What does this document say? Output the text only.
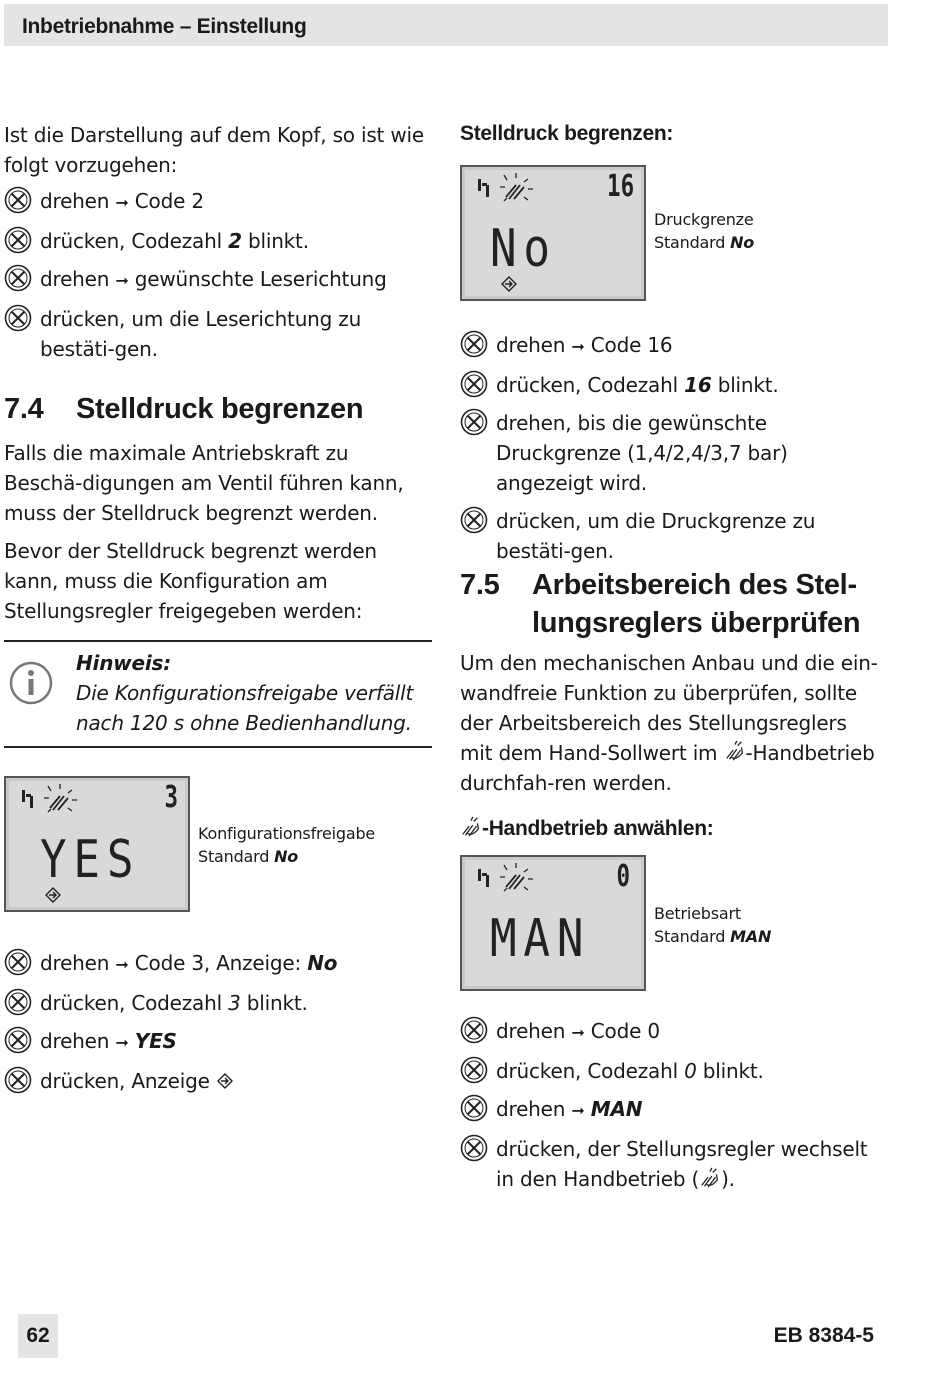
Inbetriebnahme – Einstellung

Ist die Darstellung auf dem Kopf, so ist wie folgt vorzugehen:

drehen ➞ Code 2
drücken, Codezahl 2 blinkt.
drehen ➞ gewünschte Leserichtung
drücken, um die Leserichtung zu bestäti-gen.
7.4	Stelldruck begrenzen

Falls die maximale Antriebskraft zu Beschä-digungen am Ventil führen kann, muss der Stelldruck begrenzt werden.

Bevor der Stelldruck begrenzt werden kann, muss die Konfiguration am Stellungsregler freigegeben werden:

Hinweis:
Die Konfigurationsfreigabe verfällt nach 120 s ohne Bedienhandlung.
3
YES	Konfigurationsfreigabe
Standard No
drehen ➞ Code 3, Anzeige: No
drücken, Codezahl 3 blinkt.
drehen ➞ YES
drücken, Anzeige
Stelldruck begrenzen:
16
No	Druckgrenze
Standard No
drehen ➞ Code 16
drücken, Codezahl 16 blinkt.
drehen, bis die gewünschte Druckgrenze (1,4/2,4/3,7 bar) angezeigt wird.
drücken, um die Druckgrenze zu bestäti-gen.
7.5	Arbeitsbereich des Stel-
lungsreglers überprüfen

Um den mechanischen Anbau und die ein-wandfreie Funktion zu überprüfen, sollte der Arbeitsbereich des Stellungsreglers mit dem Hand-Sollwert im -Handbetrieb durchfah-ren werden.

-Handbetrieb anwählen:
0
MAN	Betriebsart
Standard MAN
drehen ➞ Code 0
drücken, Codezahl 0 blinkt.
drehen ➞ MAN
drücken, der Stellungsregler wechselt in den Handbetrieb ( ).
62	EB 8384-5
